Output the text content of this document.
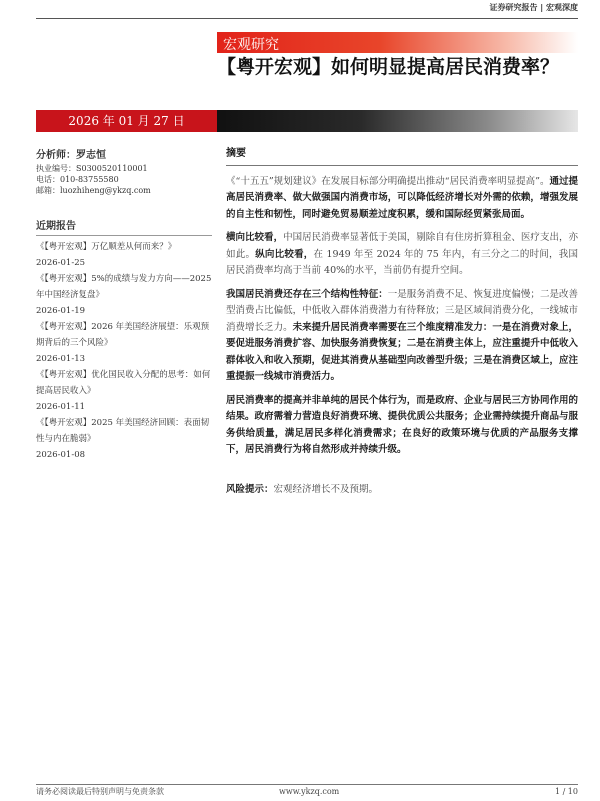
证券研究报告 | 宏观深度
宏观研究
【粤开宏观】如何明显提高居民消费率？
2026 年 01 月 27 日
分析师：罗志恒
执业编号：S0300520110001
电话：010-83755580
邮箱：luozhiheng@ykzq.com
近期报告
《【粤开宏观】万亿顺差从何而来？》
2026-01-25
《【粤开宏观】5%的成绩与发力方向——2025 年中国经济复盘》
2026-01-19
《【粤开宏观】2026 年美国经济展望：乐观预期背后的三个风险》
2026-01-13
《【粤开宏观】优化国民收入分配的思考：如何提高居民收入》
2026-01-11
《【粤开宏观】2025 年美国经济回顾：表面韧性与内在脆弱》
2026-01-08
摘要

《“十五五”规划建议》在发展目标部分明确提出推动“居民消费率明显提高”。通过提高居民消费率、做大做强国内消费市场，可以降低经济增长对外需的依赖，增强发展的自主性和韧性，同时避免贸易顺差过度积累，缓和国际经贸紧张局面。

横向比较看，中国居民消费率显著低于美国，剔除自有住房折算租金、医疗支出，亦如此。纵向比较看，在 1949 年至 2024 年的 75 年内，有三分之二的时间，我国居民消费率均高于当前 40%的水平，当前仍有提升空间。

我国居民消费还存在三个结构性特征：一是服务消费不足、恢复进度偏慢；二是改善型消费占比偏低，中低收入群体消费潜力有待释放；三是区域间消费分化，一线城市消费增长乏力。未来提升居民消费率需要在三个维度精准发力：一是在消费对象上，要促进服务消费扩容、加快服务消费恢复；二是在消费主体上，应注重提升中低收入群体收入和收入预期，促进其消费从基础型向改善型升级；三是在消费区域上，应注重提振一线城市消费活力。

居民消费率的提高并非单纯的居民个体行为，而是政府、企业与居民三方协同作用的结果。政府需着力营造良好消费环境、提供优质公共服务；企业需持续提升商品与服务供给质量，满足居民多样化消费需求；在良好的政策环境与优质的产品服务支撑下，居民消费行为将自然形成并持续升级。

风险提示：宏观经济增长不及预期。

请务必阅读最后特别声明与免责条款	www.ykzq.com	1 / 10
